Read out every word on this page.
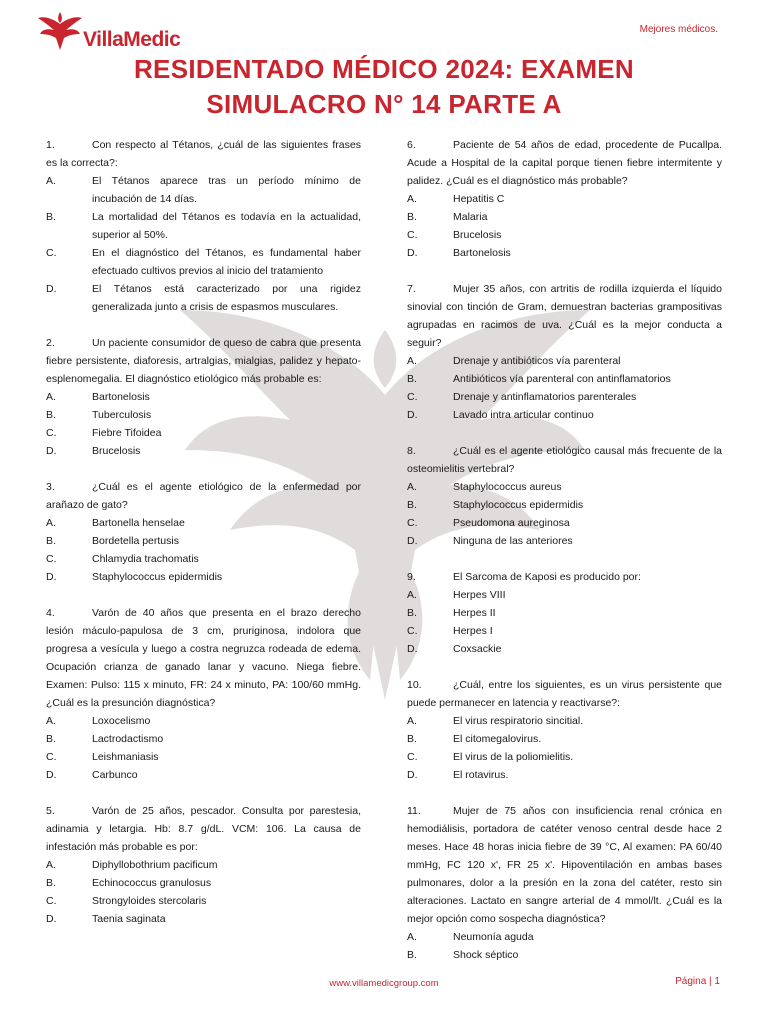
VillaMedic	Mejores médicos.
RESIDENTADO MÉDICO 2024: EXAMEN
SIMULACRO N° 14 PARTE A
1.	Con respecto al Tétanos, ¿cuál de las siguientes frases es la correcta?:
A.	El Tétanos aparece tras un período mínimo de incubación de 14 días.
B.	La mortalidad del Tétanos es todavía en la actualidad, superior al 50%.
C.	En el diagnóstico del Tétanos, es fundamental haber efectuado cultivos previos al inicio del tratamiento
D.	El Tétanos está caracterizado por una rigidez generalizada junto a crisis de espasmos musculares.
2.	Un paciente consumidor de queso de cabra que presenta fiebre persistente, diaforesis, artralgias, mialgias, palidez y hepato-esplenomegalia. El diagnóstico etiológico más probable es:
A.	Bartonelosis
B.	Tuberculosis
C.	Fiebre Tifoidea
D.	Brucelosis
3.	¿Cuál es el agente etiológico de la enfermedad por arañazo de gato?
A.	Bartonella henselae
B.	Bordetella pertusis
C.	Chlamydia trachomatis
D.	Staphylococcus epidermidis
4.	Varón de 40 años que presenta en el brazo derecho lesión máculo-papulosa de 3 cm, pruriginosa, indolora que progresa a vesícula y luego a costra negruzca rodeada de edema. Ocupación crianza de ganado lanar y vacuno. Niega fiebre. Examen: Pulso: 115 x minuto, FR: 24 x minuto, PA: 100/60 mmHg. ¿Cuál es la presunción diagnóstica?
A.	Loxocelismo
B.	Lactrodactismo
C.	Leishmaniasis
D.	Carbunco
5.	Varón de 25 años, pescador. Consulta por parestesia, adinamia y letargia. Hb: 8.7 g/dL. VCM: 106. La causa de infestación más probable es por:
A.	Diphyllobothrium pacificum
B.	Echinococcus granulosus
C.	Strongyloides stercolaris
D.	Taenia saginata
6.	Paciente de 54 años de edad, procedente de Pucallpa. Acude a Hospital de la capital porque tienen fiebre intermitente y palidez. ¿Cuál es el diagnóstico más probable?
A.	Hepatitis C
B.	Malaria
C.	Brucelosis
D.	Bartonelosis
7.	Mujer 35 años, con artritis de rodilla izquierda el líquido sinovial con tinción de Gram, demuestran bacterias grampositivas agrupadas en racimos de uva. ¿Cuál es la mejor conducta a seguir?
A.	Drenaje y antibióticos vía parenteral
B.	Antibióticos vía parenteral con antinflamatorios
C.	Drenaje y antinflamatorios parenterales
D.	Lavado intra articular continuo
8.	¿Cuál es el agente etiológico causal más frecuente de la osteomielitis vertebral?
A.	Staphylococcus aureus
B.	Staphylococcus epidermidis
C.	Pseudomona aureginosa
D.	Ninguna de las anteriores
9.	El Sarcoma de Kaposi es producido por:
A.	Herpes VIII
B.	Herpes II
C.	Herpes I
D.	Coxsackie
10.	¿Cuál, entre los siguientes, es un virus persistente que puede permanecer en latencia y reactivarse?:
A.	El virus respiratorio sincitial.
B.	El citomegalovirus.
C.	El virus de la poliomielitis.
D.	El rotavirus.
11.	Mujer de 75 años con insuficiencia renal crónica en hemodiálisis, portadora de catéter venoso central desde hace 2 meses. Hace 48 horas inicia fiebre de 39 °C, Al examen: PA 60/40 mmHg, FC 120 x', FR 25 x'. Hipoventilación en ambas bases pulmonares, dolor a la presión en la zona del catéter, resto sin alteraciones. Lactato en sangre arterial de 4 mmol/lt. ¿Cuál es la mejor opción como sospecha diagnóstica?
A.	Neumonía aguda
B.	Shock séptico
www.villamedicgroup.com	Página | 1
